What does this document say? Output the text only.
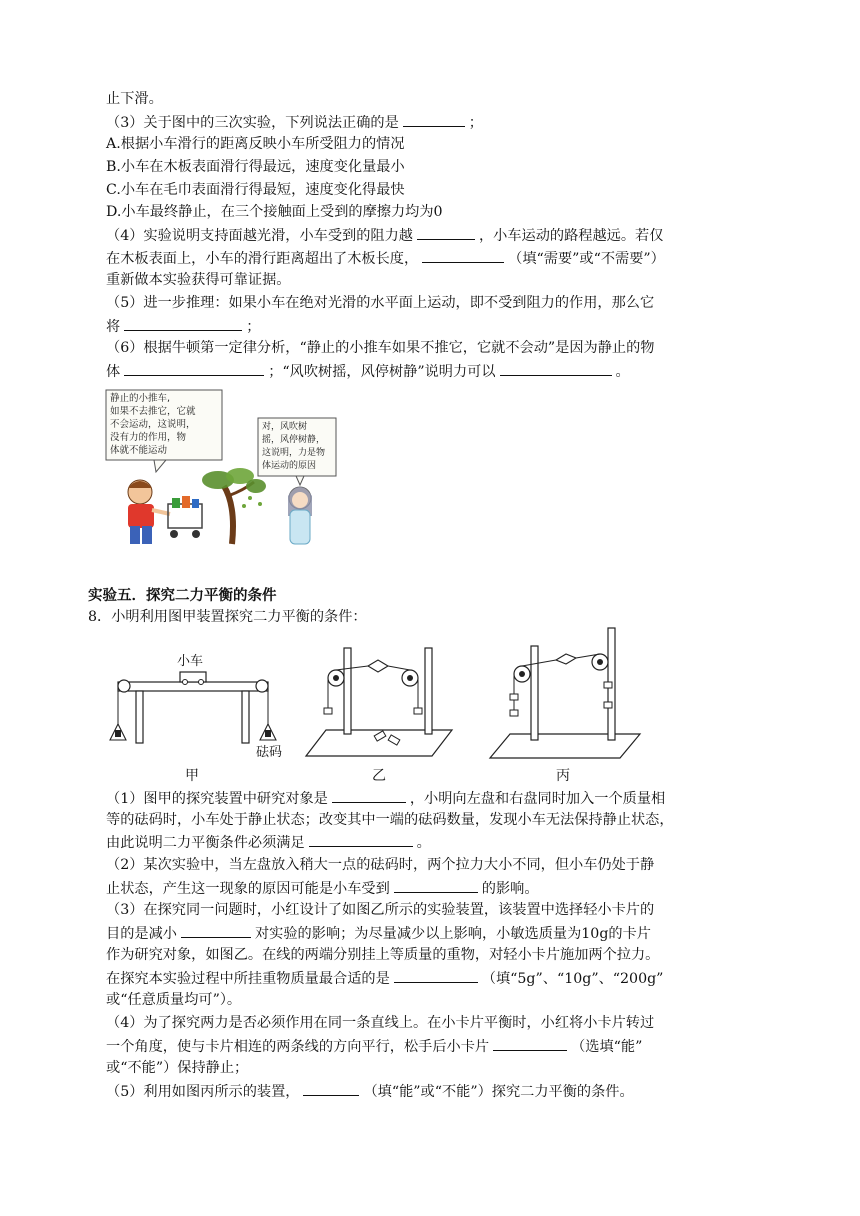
止下滑。
（3）关于图中的三次实验，下列说法正确的是	；
A.根据小车滑行的距离反映小车所受阻力的情况
B.小车在木板表面滑行得最远，速度变化量最小
C.小车在毛巾表面滑行得最短，速度变化得最快
D.小车最终静止，在三个接触面上受到的摩擦力均为0
（4）实验说明支持面越光滑，小车受到的阻力越	，小车运动的路程越远。若仅
在木板表面上，小车的滑行距离超出了木板长度，	（填“需要”或“不需要”）
重新做本实验获得可靠证据。
（5）进一步推理：如果小车在绝对光滑的水平面上运动，即不受到阻力的作用，那么它
将	；
（6）根据牛顿第一定律分析，“静止的小推车如果不推它，它就不会动”是因为静止的物
体	；“风吹树摇，风停树静”说明力可以	。
静止的小推车,
如果不去推它，它就
不会运动，这说明，
没有力的作用，物
体就不能运动
对，风吹树
摇，风停树静，
这说明，力是物
体运动的原因
实验五．探究二力平衡的条件
8．小明利用图甲装置探究二力平衡的条件：
小车
砝码
甲	乙	丙
（1）图甲的探究装置中研究对象是	，小明向左盘和右盘同时加入一个质量相
等的砝码时，小车处于静止状态；改变其中一端的砝码数量，发现小车无法保持静止状态，
由此说明二力平衡条件必须满足	。
（2）某次实验中，当左盘放入稍大一点的砝码时，两个拉力大小不同，但小车仍处于静
止状态，产生这一现象的原因可能是小车受到	的影响。
（3）在探究同一问题时，小红设计了如图乙所示的实验装置，该装置中选择轻小卡片的
目的是减小	对实验的影响；为尽量减少以上影响，小敏选质量为10g的卡片
作为研究对象，如图乙。在线的两端分别挂上等质量的重物，对轻小卡片施加两个拉力。
在探究本实验过程中所挂重物质量最合适的是	（填“5g”、“10g”、“200g”
或“任意质量均可”）。
（4）为了探究两力是否必须作用在同一条直线上。在小卡片平衡时，小红将小卡片转过
一个角度，使与卡片相连的两条线的方向平行，松手后小卡片	（选填“能”
或“不能”）保持静止；
（5）利用如图丙所示的装置，	（填“能”或“不能”）探究二力平衡的条件。
